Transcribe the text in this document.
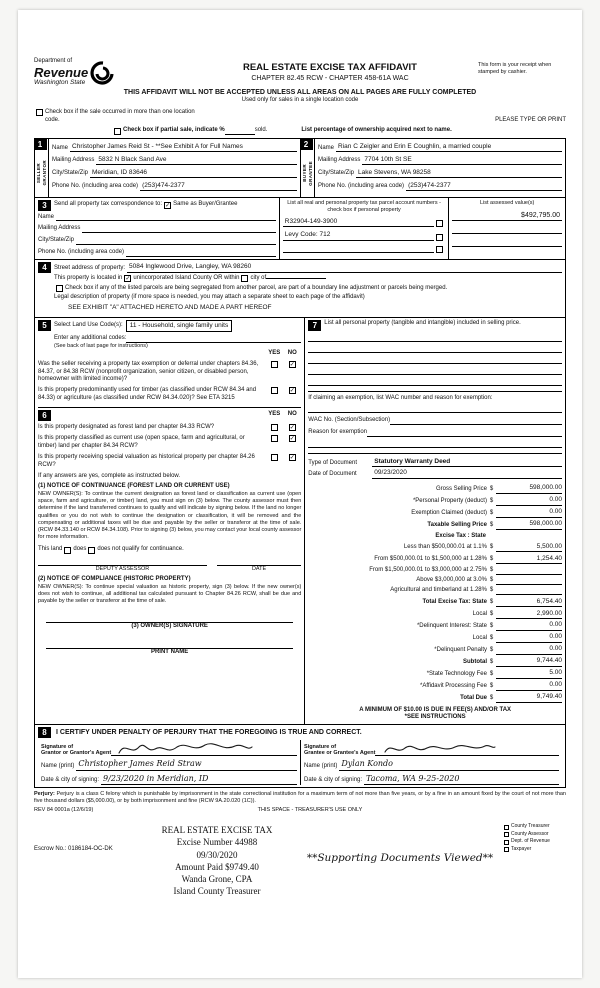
Department of
Revenue
Washington State
REAL ESTATE EXCISE TAX AFFIDAVIT
CHAPTER 82.45 RCW - CHAPTER 458-61A WAC
This form is your receipt when stamped by cashier.
THIS AFFIDAVIT WILL NOT BE ACCEPTED UNLESS ALL AREAS ON ALL PAGES ARE FULLY COMPLETED
Used only for sales in a single location code
Check box if the sale occurred in more than one location code.	PLEASE TYPE OR PRINT
Check box if partial sale, indicate %	sold.	List percentage of ownership acquired next to name.
1
SELLER GRANTOR
Name Christopher James Reid St - **See Exhibit A for Full Names
Mailing Address 5832 N Black Sand Ave
City/State/Zip Meridian, ID 83646
Phone No. (including area code) (253)474-2377
2
BUYER GRANTEE
Name Rian C Zeigler and Erin E Coughlin, a married couple
Mailing Address 7704 10th St SE
City/State/Zip Lake Stevens, WA 98258
Phone No. (including area code) (253)474-2377
3	Send all property tax correspondence to: ✓ Same as Buyer/Grantee
Name
Mailing Address
City/State/Zip
Phone No. (including area code)
List all real and personal property tax parcel account numbers - check box if personal property
R32904-149-3900
Levy Code: 712
List assessed value(s)
$492,795.00
4	Street address of property: 5084 Inglewood Drive, Langley, WA 98260
This property is located in ✓ unincorporated Island County OR within city of
Check box if any of the listed parcels are being segregated from another parcel, are part of a boundary line adjustment or parcels being merged.
Legal description of property (if more space is needed, you may attach a separate sheet to each page of the affidavit)
SEE EXHIBIT "A" ATTACHED HERETO AND MADE A PART HEREOF
5	Select Land Use Code(s):	11 - Household, single family units
Enter any additional codes:
(See back of last page for instructions)
YES	NO
Was the seller receiving a property tax exemption or deferral under chapters 84.36, 84.37, or 84.38 RCW (nonprofit organization, senior citizen, or disabled person, homeowner with limited income)?
✓
Is this property predominantly used for timber (as classified under RCW 84.34 and 84.33) or agriculture (as classified under RCW 84.34.020)? See ETA 3215
✓
6	YES	NO
Is this property designated as forest land per chapter 84.33 RCW?	✓
Is this property classified as current use (open space, farm and agricultural, or timber) land per chapter 84.34 RCW?
✓
Is this property receiving special valuation as historical property per chapter 84.26 RCW?
✓
If any answers are yes, complete as instructed below.
(1) NOTICE OF CONTINUANCE (FOREST LAND OR CURRENT USE)
NEW OWNER(S): To continue the current designation as forest land or classification as current use (open space, farm and agriculture, or timber) land, you must sign on (3) below. The county assessor must then determine if the land transferred continues to qualify and will indicate by signing below. If the land no longer qualifies or you do not wish to continue the designation or classification, it will be removed and the compensating or additional taxes will be due and payable by the seller or transferor at the time of sale. (RCW 84.33.140 or RCW 84.34.108). Prior to signing (3) below, you may contact your local county assessor for more information.
This land does does not qualify for continuance.
DEPUTY ASSESSOR	DATE
(2) NOTICE OF COMPLIANCE (HISTORIC PROPERTY)
NEW OWNER(S): To continue special valuation as historic property, sign (3) below. If the new owner(s) does not wish to continue, all additional tax calculated pursuant to Chapter 84.26 RCW, shall be due and payable by the seller or transferor at the time of sale.
(3) OWNER(S) SIGNATURE
PRINT NAME
7	List all personal property (tangible and intangible) included in selling price.
If claiming an exemption, list WAC number and reason for exemption:
WAC No. (Section/Subsection)
Reason for exemption
Type of Document	Statutory Warranty Deed
Date of Document	09/23/2020
Gross Selling Price $	598,000.00
*Personal Property (deduct) $	0.00
Exemption Claimed (deduct) $	0.00
Taxable Selling Price $	598,000.00
Excise Tax : State
Less than $500,000.01 at 1.1% $	5,500.00
From $500,000.01 to $1,500,000 at 1.28% $	1,254.40
From $1,500,000.01 to $3,000,000 at 2.75% $
Above $3,000,000 at 3.0% $
Agricultural and timberland at 1.28% $
Total Excise Tax: State $	6,754.40
Local $	2,990.00
*Delinquent Interest: State $	0.00
Local $	0.00
*Delinquent Penalty $	0.00
Subtotal $	9,744.40
*State Technology Fee $	5.00
*Affidavit Processing Fee $	0.00
Total Due $	9,749.40
A MINIMUM OF $10.00 IS DUE IN FEE(S) AND/OR TAX
*SEE INSTRUCTIONS
8	I CERTIFY UNDER PENALTY OF PERJURY THAT THE FOREGOING IS TRUE AND CORRECT.
Signature of
Grantor or Grantor's Agent
Name (print) Christopher James Reid Straw
Date & city of signing: 9/23/2020 in Meridian, ID
Signature of
Grantee or Grantee's Agent
Name (print) Dylan Kondo
Date & city of signing: Tacoma, WA 9-25-2020
Perjury: Perjury is a class C felony which is punishable by imprisonment in the state correctional institution for a maximum term of not more than five years, or by a fine in an amount fixed by the court of not more than five thousand dollars ($5,000.00), or by both imprisonment and fine (RCW 9A.20.020 (1C)).
REV 84 0001a (12/6/19)	THIS SPACE - TREASURER'S USE ONLY
Escrow No.: 0186184-OC-DK
REAL ESTATE EXCISE TAX
Excise Number 44988
09/30/2020
Amount Paid $9749.40
Wanda Grone, CPA
Island County Treasurer
**Supporting Documents Viewed**
County Treasurer
County Assessor
Dept. of Revenue
Taxpayer
